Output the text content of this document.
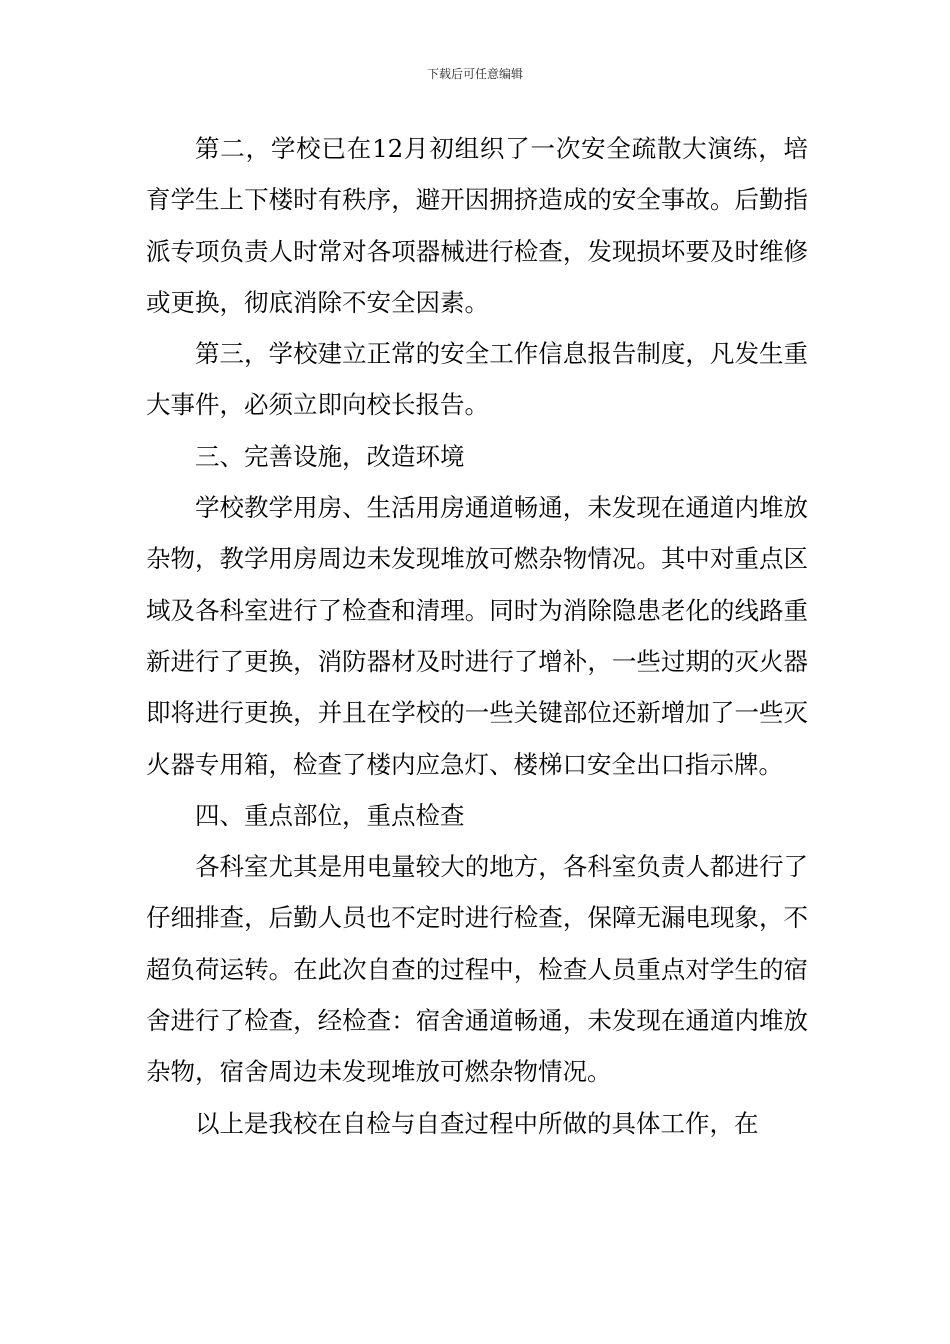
下载后可任意编辑

第二，学校已在12月初组织了一次安全疏散大演练，培育学生上下楼时有秩序，避开因拥挤造成的安全事故。后勤指派专项负责人时常对各项器械进行检查，发现损坏要及时维修或更换，彻底消除不安全因素。

第三，学校建立正常的安全工作信息报告制度，凡发生重大事件，必须立即向校长报告。

三、完善设施，改造环境

学校教学用房、生活用房通道畅通，未发现在通道内堆放杂物，教学用房周边未发现堆放可燃杂物情况。其中对重点区域及各科室进行了检查和清理。同时为消除隐患老化的线路重新进行了更换，消防器材及时进行了增补，一些过期的灭火器即将进行更换，并且在学校的一些关键部位还新增加了一些灭火器专用箱，检查了楼内应急灯、楼梯口安全出口指示牌。

四、重点部位，重点检查

各科室尤其是用电量较大的地方，各科室负责人都进行了仔细排查，后勤人员也不定时进行检查，保障无漏电现象，不超负荷运转。在此次自查的过程中，检查人员重点对学生的宿舍进行了检查，经检查：宿舍通道畅通，未发现在通道内堆放杂物，宿舍周边未发现堆放可燃杂物情况。

以上是我校在自检与自查过程中所做的具体工作，在
